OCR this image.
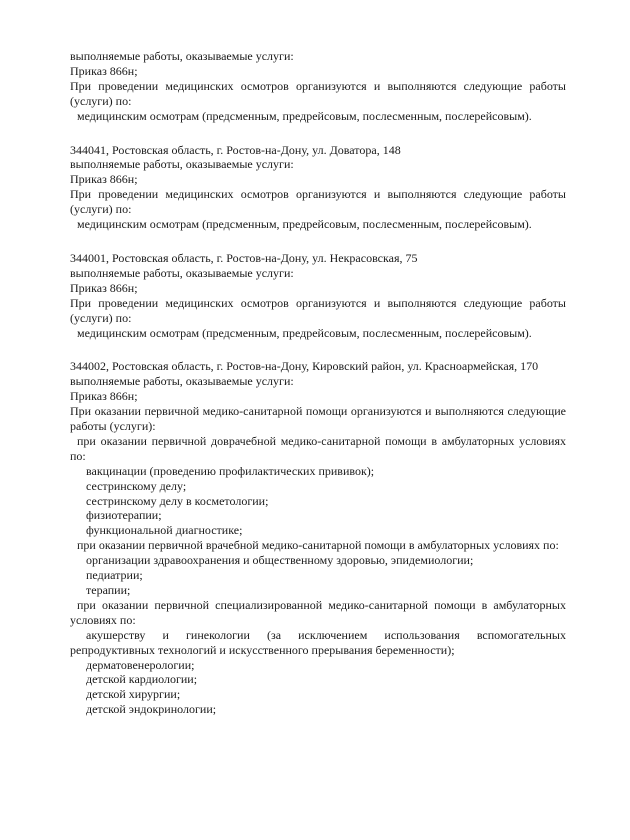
выполняемые работы, оказываемые услуги:

Приказ 866н;

При проведении медицинских осмотров организуются и выполняются следующие работы (услуги) по:

медицинским осмотрам (предсменным, предрейсовым, послесменным, послерейсовым).

344041, Ростовская область, г. Ростов-на-Дону, ул. Доватора, 148

выполняемые работы, оказываемые услуги:

Приказ 866н;

При проведении медицинских осмотров организуются и выполняются следующие работы (услуги) по:

медицинским осмотрам (предсменным, предрейсовым, послесменным, послерейсовым).

344001, Ростовская область, г. Ростов-на-Дону, ул. Некрасовская, 75

выполняемые работы, оказываемые услуги:

Приказ 866н;

При проведении медицинских осмотров организуются и выполняются следующие работы (услуги) по:

медицинским осмотрам (предсменным, предрейсовым, послесменным, послерейсовым).

344002, Ростовская область, г. Ростов-на-Дону, Кировский район, ул. Красноармейская, 170

выполняемые работы, оказываемые услуги:

Приказ 866н;

При оказании первичной медико-санитарной помощи организуются и выполняются следующие работы (услуги):

при оказании первичной доврачебной медико-санитарной помощи в амбулаторных условиях по:

вакцинации (проведению профилактических прививок);

сестринскому делу;

сестринскому делу в косметологии;

физиотерапии;

функциональной диагностике;

при оказании первичной врачебной медико-санитарной помощи в амбулаторных условиях по:

организации здравоохранения и общественному здоровью, эпидемиологии;

педиатрии;

терапии;

при оказании первичной специализированной медико-санитарной помощи в амбулаторных условиях по:

акушерству и гинекологии (за исключением использования вспомогательных репродуктивных технологий и искусственного прерывания беременности);

дерматовенерологии;

детской кардиологии;

детской хирургии;

детской эндокринологии;
